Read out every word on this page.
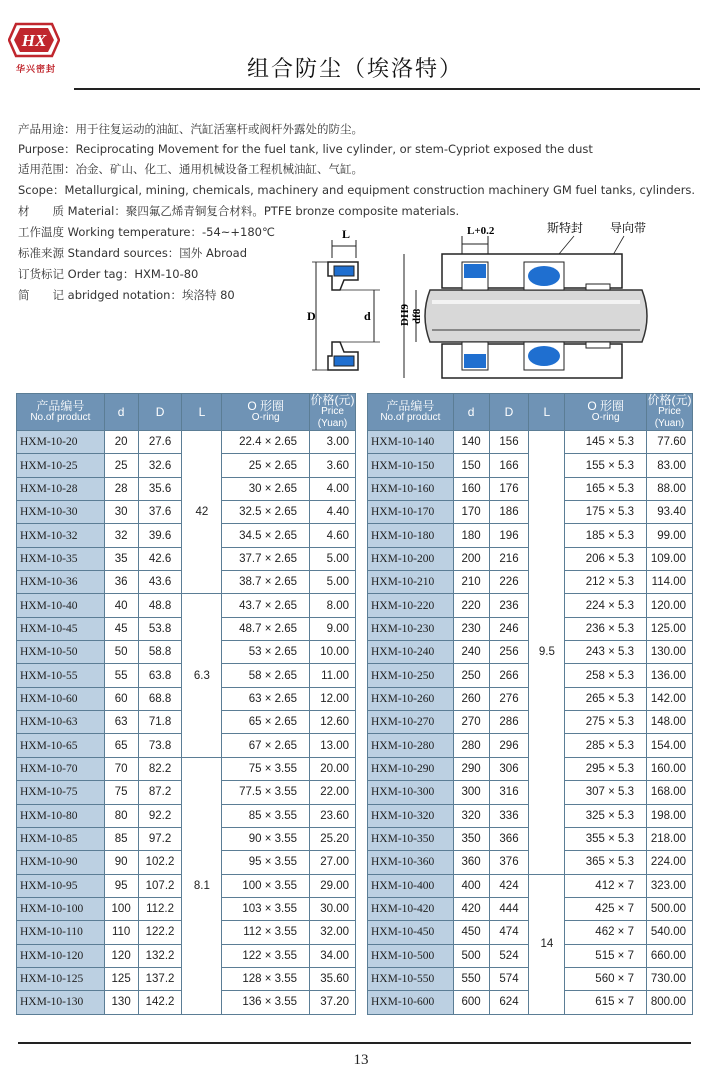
HX
华兴密封	组合防尘（埃洛特）
产品用途：用于往复运动的油缸、汽缸活塞杆或阀杆外露处的防尘。
Purpose：Reciprocating Movement for the fuel tank, live cylinder, or stem-Cypriot exposed the dust
适用范围：冶金、矿山、化工、通用机械设备工程机械油缸、气缸。
Scope：Metallurgical, mining, chemicals, machinery and equipment construction machinery GM fuel tanks, cylinders.
材　　质 Material：聚四氟乙烯青铜复合材料。PTFE bronze composite materials.
工作温度 Working temperature：-54~+180℃
标准来源 Standard sources：国外 Abroad
订货标记 Order tag：HXM-10-80
简　　记 abridged notation：埃洛特 80
L
D	d
L+0.2	斯特封 导向带
DH9 df8
产品编号
No.of product	d	D	L	O 形圈
O-ring	价格(元)
Price (Yuan)

HXM-10-20	20	27.6	42	22.4 × 2.65	3.00
HXM-10-25	25	32.6		25 × 2.65	3.60
HXM-10-28	28	35.6		30 × 2.65	4.00
HXM-10-30	30	37.6		32.5 × 2.65	4.40
HXM-10-32	32	39.6		34.5 × 2.65	4.60
HXM-10-35	35	42.6		37.7 × 2.65	5.00
HXM-10-36	36	43.6		38.7 × 2.65	5.00
HXM-10-40	40	48.8	6.3	43.7 × 2.65	8.00
HXM-10-45	45	53.8		48.7 × 2.65	9.00
HXM-10-50	50	58.8		53 × 2.65	10.00
HXM-10-55	55	63.8		58 × 2.65	11.00
HXM-10-60	60	68.8		63 × 2.65	12.00
HXM-10-63	63	71.8		65 × 2.65	12.60
HXM-10-65	65	73.8		67 × 2.65	13.00
HXM-10-70	70	82.2	8.1	75 × 3.55	20.00
HXM-10-75	75	87.2		77.5 × 3.55	22.00
HXM-10-80	80	92.2		85 × 3.55	23.60
HXM-10-85	85	97.2		90 × 3.55	25.20
HXM-10-90	90	102.2		95 × 3.55	27.00
HXM-10-95	95	107.2		100 × 3.55	29.00
HXM-10-100	100	112.2		103 × 3.55	30.00
HXM-10-110	110	122.2		112 × 3.55	32.00
HXM-10-120	120	132.2		122 × 3.55	34.00
HXM-10-125	125	137.2		128 × 3.55	35.60
HXM-10-130	130	142.2		136 × 3.55	37.20
产品编号
No.of product	d	D	L	O 形圈
O-ring	价格(元)
Price (Yuan)

HXM-10-140	140	156	9.5	145 × 5.3	77.60
HXM-10-150	150	166		155 × 5.3	83.00
HXM-10-160	160	176		165 × 5.3	88.00
HXM-10-170	170	186		175 × 5.3	93.40
HXM-10-180	180	196		185 × 5.3	99.00
HXM-10-200	200	216		206 × 5.3	109.00
HXM-10-210	210	226		212 × 5.3	114.00
HXM-10-220	220	236		224 × 5.3	120.00
HXM-10-230	230	246		236 × 5.3	125.00
HXM-10-240	240	256		243 × 5.3	130.00
HXM-10-250	250	266		258 × 5.3	136.00
HXM-10-260	260	276		265 × 5.3	142.00
HXM-10-270	270	286		275 × 5.3	148.00
HXM-10-280	280	296		285 × 5.3	154.00
HXM-10-290	290	306		295 × 5.3	160.00
HXM-10-300	300	316		307 × 5.3	168.00
HXM-10-320	320	336		325 × 5.3	198.00
HXM-10-350	350	366		355 × 5.3	218.00
HXM-10-360	360	376		365 × 5.3	224.00
HXM-10-400	400	424	14	412 × 7	323.00
HXM-10-420	420	444		425 × 7	500.00
HXM-10-450	450	474		462 × 7	540.00
HXM-10-500	500	524		515 × 7	660.00
HXM-10-550	550	574		560 × 7	730.00
HXM-10-600	600	624		615 × 7	800.00
13
